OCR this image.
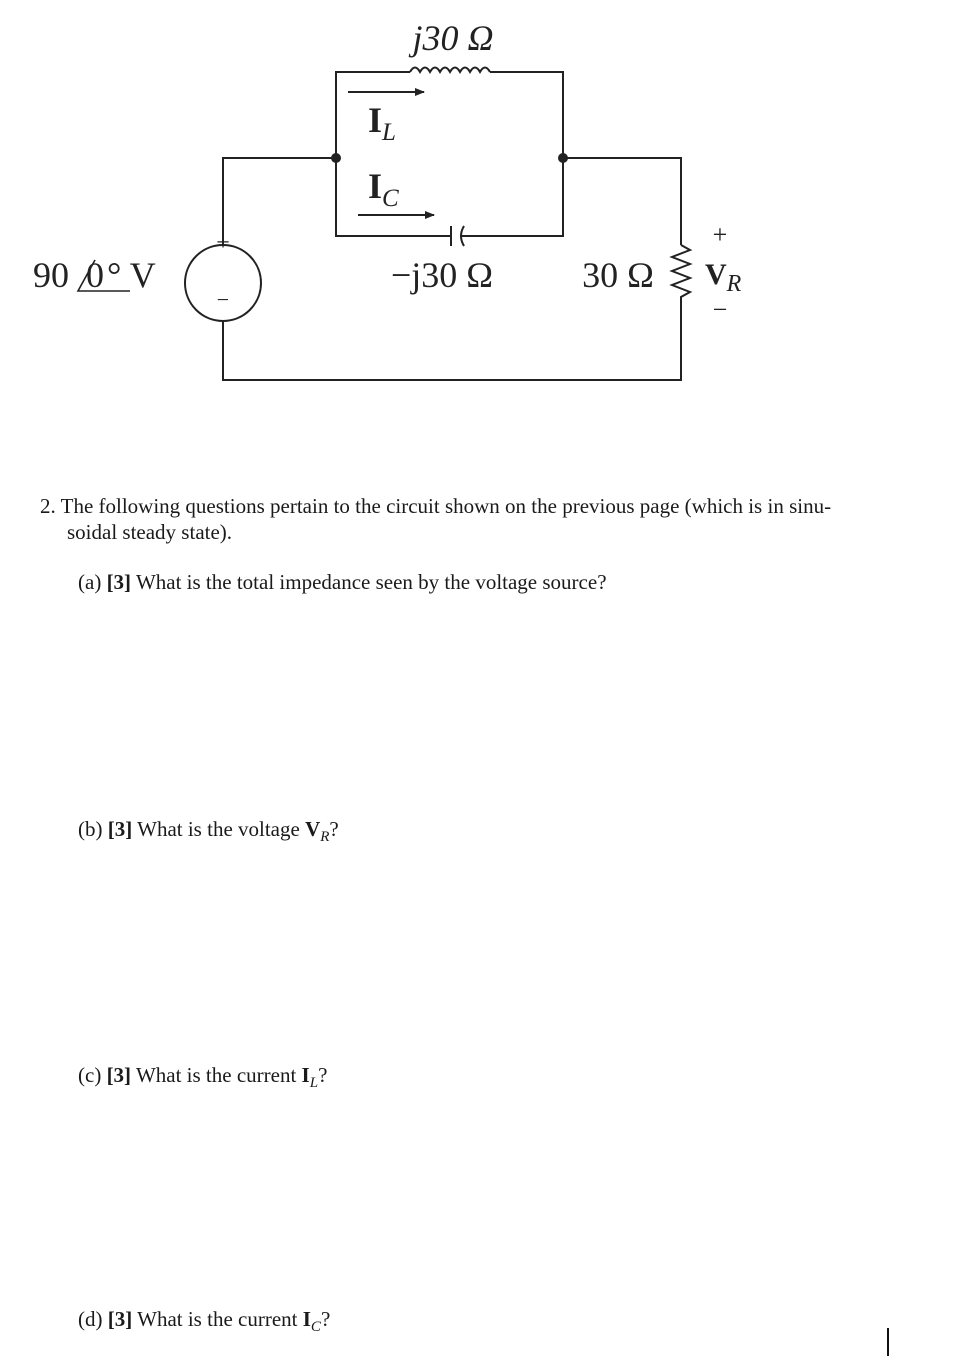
j30 Ω
−j30 Ω 30 Ω
90 0 ° V
+
−
$I_L$
$I_C$
+
$V_R$
−
2. The following questions pertain to the circuit shown on the previous page (which is in sinu-
soidal steady state).
(a) [3] What is the total impedance seen by the voltage source?
(b) [3] What is the voltage $V_R$?
(c) [3] What is the current $I_L$?
(d) [3] What is the current $I_C$?
